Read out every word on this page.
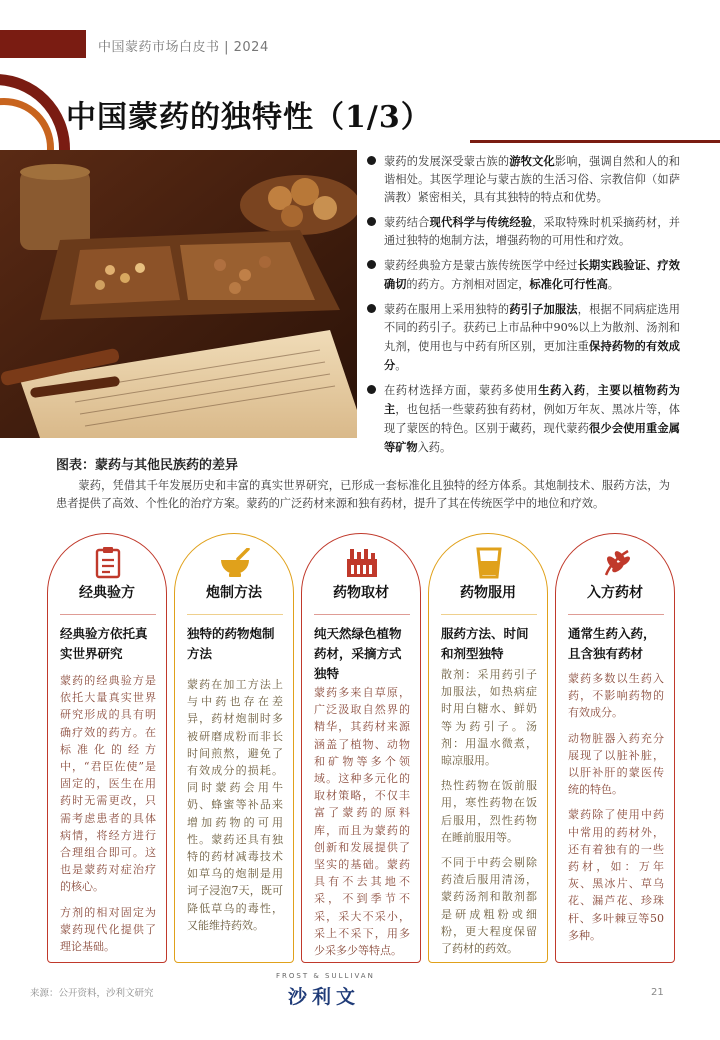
中国蒙药市场白皮书 | 2024
中国蒙药的独特性（1/3）
蒙药的发展深受蒙古族的游牧文化影响，强调自然和人的和谐相处。其医学理论与蒙古族的生活习俗、宗教信仰（如萨满教）紧密相关，具有其独特的特点和优势。
蒙药结合现代科学与传统经验，采取特殊时机采摘药材，并通过独特的炮制方法，增强药物的可用性和疗效。
蒙药经典验方是蒙古族传统医学中经过长期实践验证、疗效确切的药方。方剂相对固定，标准化可行性高。
蒙药在服用上采用独特的药引子加服法，根据不同病症选用不同的药引子。获药已上市品种中90%以上为散剂、汤剂和丸剂，使用也与中药有所区别，更加注重保持药物的有效成分。
在药材选择方面，蒙药多使用生药入药，主要以植物药为主，也包括一些蒙药独有药材，例如万年灰、黑冰片等，体现了蒙医的特色。区别于藏药，现代蒙药很少会使用重金属等矿物入药。
图表：蒙药与其他民族药的差异

蒙药，凭借其千年发展历史和丰富的真实世界研究，已形成一套标准化且独特的经方体系。其炮制技术、服药方法，为患者提供了高效、个性化的治疗方案。蒙药的广泛药材来源和独有药材，提升了其在传统医学中的地位和疗效。

经典验方
经典验方依托真实世界研究

蒙药的经典验方是依托大量真实世界研究形成的具有明确疗效的药方。在标准化的经方中，“君臣佐使”是固定的，医生在用药时无需更改，只需考虑患者的具体病情，将经方进行合理组合即可。这也是蒙药对症治疗的核心。

方剂的相对固定为蒙药现代化提供了理论基础。

炮制方法
独特的药物炮制方法

蒙药在加工方法上与中药也存在差异，药材炮制时多被研磨成粉而非长时间煎熬，避免了有效成分的损耗。同时蒙药会用牛奶、蜂蜜等补品来增加药物的可用性。蒙药还具有独特的药材减毒技术如草乌的炮制是用诃子浸泡7天，既可降低草乌的毒性，又能维持药效。

药物取材
纯天然绿色植物药材，采摘方式独特

蒙药多来自草原，广泛汲取自然界的精华，其药材来源涵盖了植物、动物和矿物等多个领域。这种多元化的取材策略，不仅丰富了蒙药的原料库，而且为蒙药的创新和发展提供了坚实的基础。蒙药具有不去其地不采，不到季节不采，采大不采小，采上不采下，用多少采多少等特点。

药物服用
服药方法、时间和剂型独特

散剂：采用药引子加服法，如热病症时用白糖水、鲜奶等为药引子。汤剂：用温水微煮，晾凉服用。

热性药物在饭前服用，寒性药物在饭后服用，烈性药物在睡前服用等。

不同于中药会剔除药渣后服用清汤，蒙药汤剂和散剂都是研成粗粉或细粉，更大程度保留了药材的药效。

入方药材
通常生药入药，且含独有药材

蒙药多数以生药入药，不影响药物的有效成分。

动物脏器入药充分展现了以脏补脏，以肝补肝的蒙医传统的特色。

蒙药除了使用中药中常用的药材外，还有着独有的一些药材，如：万年灰、黑冰片、草乌花、漏芦花、珍珠杆、多叶棘豆等50多种。

来源：公开资料，沙利文研究
FROST & SULLIVAN
沙利文	21
